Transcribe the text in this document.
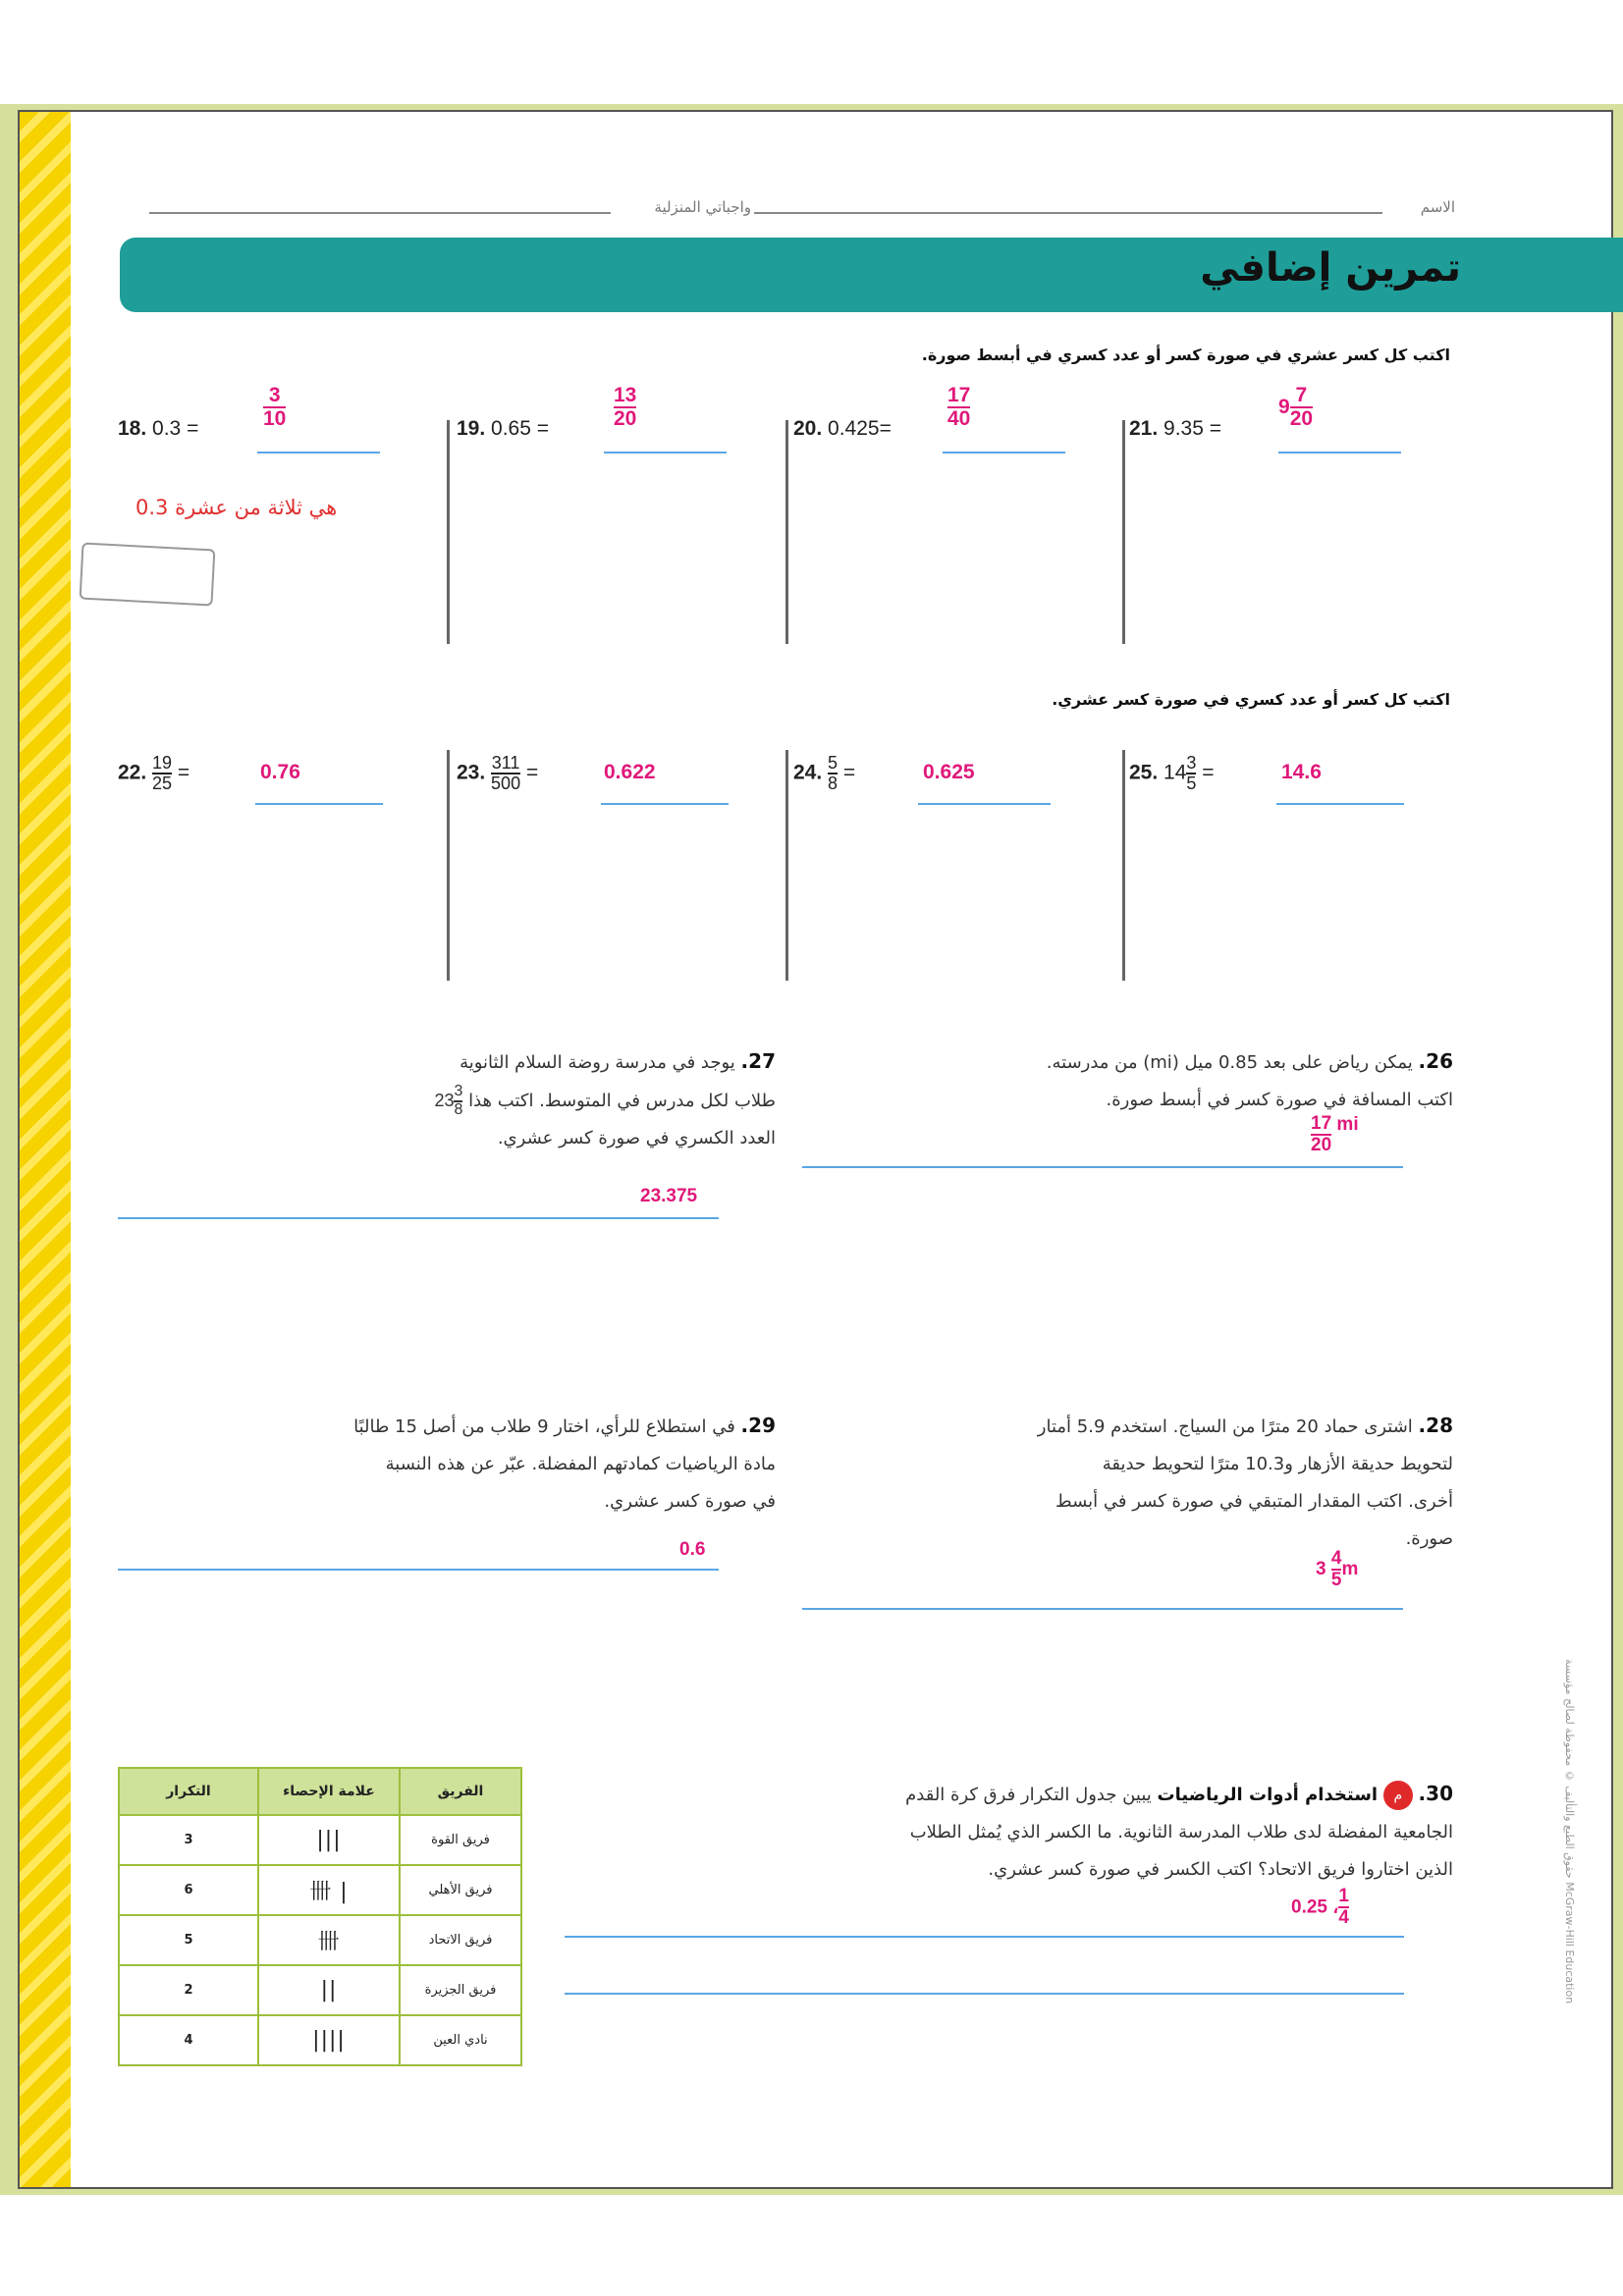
واجباتي المنزلية	الاسم
تمرين إضافي
اكتب كل كسر عشري في صورة كسر أو عدد كسري في أبسط صورة.
18. 0.3 =	$\frac{3}{10}$
هي ثلاثة من عشرة 0.3
19. 0.65 =	$\frac{13}{20}$	20. 0.425=	$\frac{17}{40}$	21. 9.35 =
$9 \frac{7}{20}$
اكتب كل كسر أو عدد كسري في صورة كسر عشري.
22. $\frac{19}{25}$ =	0.76	23. $\frac{311}{500}$ =	0.622	24. $\frac{5}{8}$ =	0.625	25. $14 \frac{3}{5}$ =	14.6
26. يمكن رياض على بعد 0.85 ميل (mi) من مدرسته.
اكتب المسافة في صورة كسر في أبسط صورة.
$\frac{17}{20}$ mi
27. يوجد في مدرسة روضة السلام الثانوية
طلاب لكل مدرس في المتوسط. اكتب هذا $23 \frac{3}{8}$
العدد الكسري في صورة كسر عشري.
23.375
28. اشترى حماد 20 مترًا من السياج. استخدم 5.9 أمتار
لتحويط حديقة الأزهار و10.3 مترًا لتحويط حديقة
أخرى. اكتب المقدار المتبقي في صورة كسر في أبسط
صورة.
$3 \frac{4}{5}$ m
29. في استطلاع للرأي، اختار 9 طلاب من أصل 15 طالبًا
مادة الرياضيات كمادتهم المفضلة. عبّر عن هذه النسبة
في صورة كسر عشري.
0.6
30. م استخدام أدوات الرياضيات يبين جدول التكرار فرق كرة القدم
الجامعية المفضلة لدى طلاب المدرسة الثانوية. ما الكسر الذي يُمثل الطلاب
الذين اختاروا فريق الاتحاد؟ اكتب الكسر في صورة كسر عشري.
0.25 ، $\frac{1}{4}$
التكرار	علامة الإحصاء	الفريق
3	|||	فريق القوة
6	卌 |	فريق الأهلي
5	卌	فريق الاتحاد
2	||	فريق الجزيرة
4	||||	نادي العين
حقوق الطبع والتأليف © محفوظة لصالح مؤسسة McGraw-Hill Education
